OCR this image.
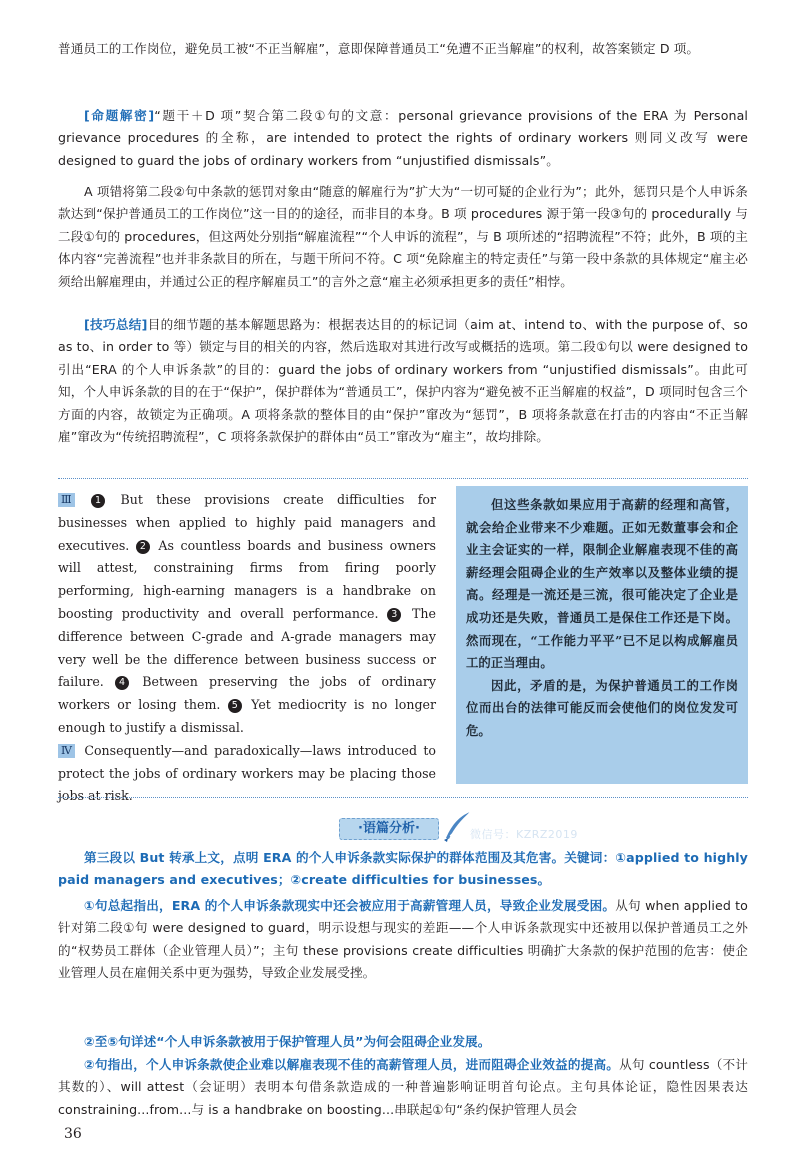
普通员工的工作岗位，避免员工被“不正当解雇”，意即保障普通员工“免遭不正当解雇”的权利，故答案锁定 D 项。
[命题解密]“题干＋D 项”契合第二段①句的文意：personal grievance provisions of the ERA 为 Personal grievance procedures 的全称，are intended to protect the rights of ordinary workers 则同义改写 were designed to guard the jobs of ordinary workers from “unjustified dismissals”。
A 项错将第二段②句中条款的惩罚对象由“随意的解雇行为”扩大为“一切可疑的企业行为”；此外，惩罚只是个人申诉条款达到“保护普通员工的工作岗位”这一目的的途径，而非目的本身。B 项 procedures 源于第一段③句的 procedurally 与二段①句的 procedures，但这两处分别指“解雇流程”“个人申诉的流程”，与 B 项所述的“招聘流程”不符；此外，B 项的主体内容“完善流程”也并非条款目的所在，与题干所问不符。C 项“免除雇主的特定责任”与第一段中条款的具体规定“雇主必须给出解雇理由，并通过公正的程序解雇员工”的言外之意“雇主必须承担更多的责任”相悖。
[技巧总结]目的细节题的基本解题思路为：根据表达目的的标记词（aim at、intend to、with the purpose of、so as to、in order to 等）锁定与目的相关的内容，然后选取对其进行改写或概括的选项。第二段①句以 were designed to 引出“ERA 的个人申诉条款”的目的：guard the jobs of ordinary workers from “unjustified dismissals”。由此可知，个人申诉条款的目的在于“保护”，保护群体为“普通员工”，保护内容为“避免被不正当解雇的权益”，D 项同时包含三个方面的内容，故锁定为正确项。A 项将条款的整体目的由“保护”窜改为“惩罚”，B 项将条款意在打击的内容由“不正当解雇”窜改为“传统招聘流程”，C 项将条款保护的群体由“员工”窜改为“雇主”，故均排除。

Ⅲ 1 But these provisions create difficulties for businesses when applied to highly paid managers and executives. 2 As countless boards and business owners will attest, constraining firms from firing poorly performing, high-earning managers is a handbrake on boosting productivity and overall performance. 3 The difference between C-grade and A-grade managers may very well be the difference between business success or failure. 4 Between preserving the jobs of ordinary workers or losing them. 5 Yet mediocrity is no longer enough to justify a dismissal.

Ⅳ Consequently—and paradoxically—laws introduced to protect the jobs of ordinary workers may be placing those jobs at risk.

但这些条款如果应用于高薪的经理和高管，就会给企业带来不少难题。正如无数董事会和企业主会证实的一样，限制企业解雇表现不佳的高薪经理会阻碍企业的生产效率以及整体业绩的提高。经理是一流还是三流，很可能决定了企业是成功还是失败，普通员工是保住工作还是下岗。然而现在，“工作能力平平”已不足以构成解雇员工的正当理由。

因此，矛盾的是，为保护普通员工的工作岗位而出台的法律可能反而会使他们的岗位发发可危。

·语篇分析·	微信号：KZRZ2019
第三段以 But 转承上文，点明 ERA 的个人申诉条款实际保护的群体范围及其危害。关键词：①applied to highly paid managers and executives；②create difficulties for businesses。
①句总起指出，ERA 的个人申诉条款现实中还会被应用于高薪管理人员，导致企业发展受困。从句 when applied to 针对第二段①句 were designed to guard，明示设想与现实的差距——个人申诉条款现实中还被用以保护普通员工之外的“权势员工群体（企业管理人员）”；主句 these provisions create difficulties 明确扩大条款的保护范围的危害：使企业管理人员在雇佣关系中更为强势，导致企业发展受挫。
②至⑤句详述“个人申诉条款被用于保护管理人员”为何会阻碍企业发展。
②句指出，个人申诉条款使企业难以解雇表现不佳的高薪管理人员，进而阻碍企业效益的提高。从句 countless（不计其数的）、will attest（会证明）表明本句借条款造成的一种普遍影响证明首句论点。主句具体论证，隐性因果表达 constraining...from...与 is a handbrake on boosting...串联起①句“条约保护管理人员会
36
